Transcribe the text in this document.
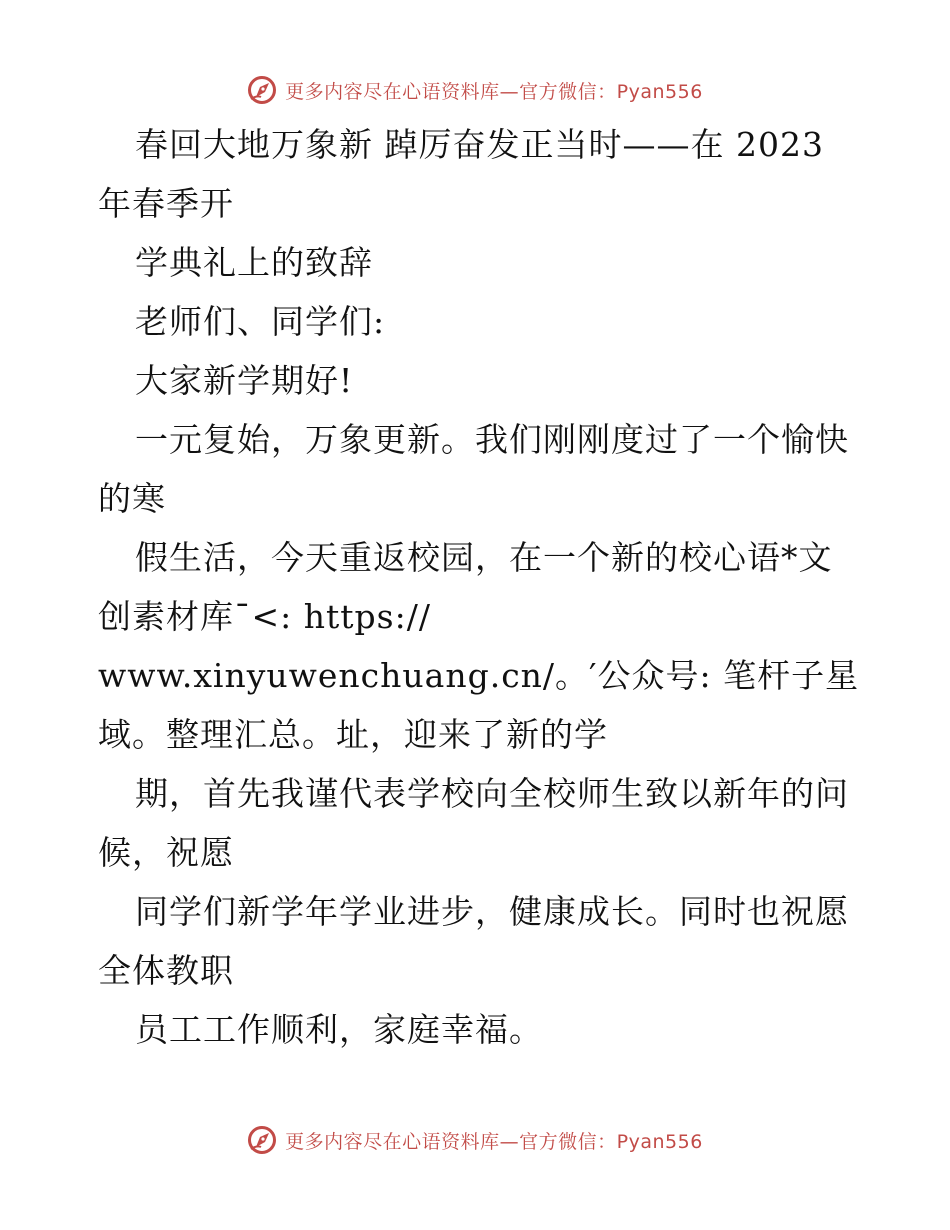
更多内容尽在心语资料库—官方微信：Pyan556
春回大地万象新 踔厉奋发正当时——在 2023
年春季开
学典礼上的致辞
老师们、同学们:
大家新学期好!
一元复始，万象更新。我们刚刚度过了一个愉快
的寒
假生活，今天重返校园，在一个新的校心语*文
创素材库¯<: https://
www.xinyuwenchuang.cn/。′公众号: 笔杆子星
域。整理汇总。址，迎来了新的学
期，首先我谨代表学校向全校师生致以新年的问
候，祝愿
同学们新学年学业进步，健康成长。同时也祝愿
全体教职
员工工作顺利，家庭幸福。
更多内容尽在心语资料库—官方微信：Pyan556
